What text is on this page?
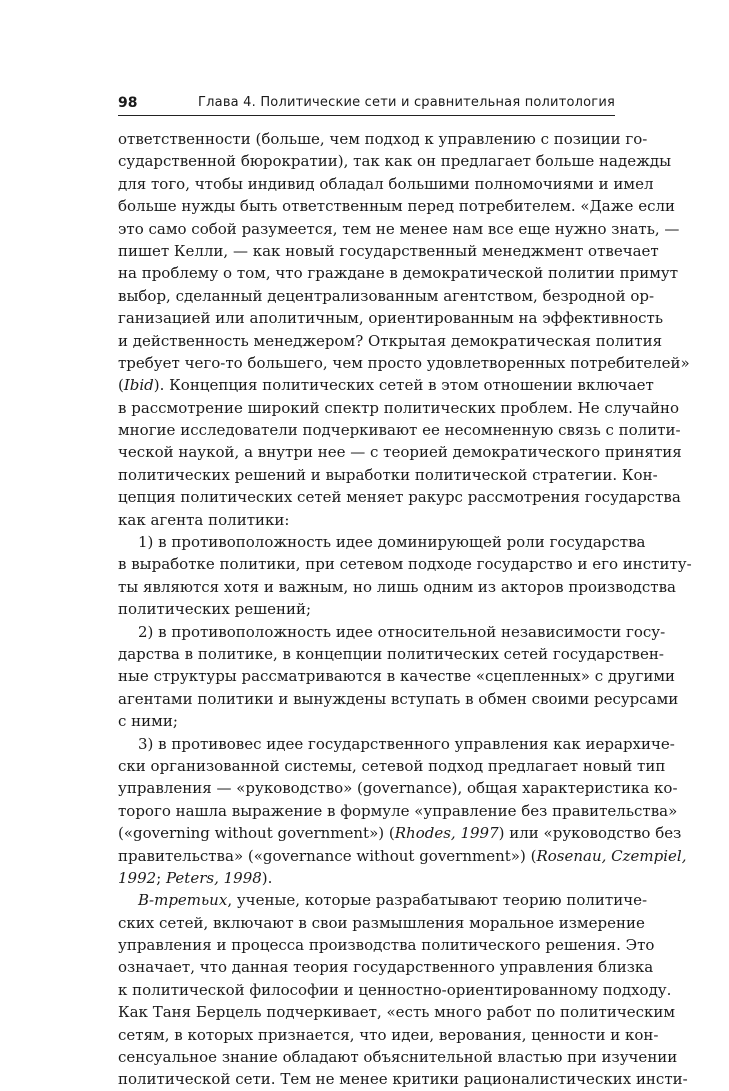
98	Глава 4. Политические сети и сравнительная политология
ответственности (больше, чем подход к управлению с позиции го-
сударственной бюрократии), так как он предлагает больше надежды
для того, чтобы индивид обладал большими полномочиями и имел
больше нужды быть ответственным перед потребителем. «Даже если
это само собой разумеется, тем не менее нам все еще нужно знать, —
пишет Келли, — как новый государственный менеджмент отвечает
на проблему о том, что граждане в демократической политии примут
выбор, сделанный децентрализованным агентством, безродной ор-
ганизацией или аполитичным, ориентированным на эффективность
и действенность менеджером? Открытая демократическая полития
требует чего-то большего, чем просто удовлетворенных потребителей»
(Ibid). Концепция политических сетей в этом отношении включает
в рассмотрение широкий спектр политических проблем. Не случайно
многие исследователи подчеркивают ее несомненную связь с полити-
ческой наукой, а внутри нее — с теорией демократического принятия
политических решений и выработки политической стратегии. Кон-
цепция политических сетей меняет ракурс рассмотрения государства
как агента политики:
1) в противоположность идее доминирующей роли государства
в выработке политики, при сетевом подходе государство и его институ-
ты являются хотя и важным, но лишь одним из акторов производства
политических решений;
2) в противоположность идее относительной независимости госу-
дарства в политике, в концепции политических сетей государствен-
ные структуры рассматриваются в качестве «сцепленных» с другими
агентами политики и вынуждены вступать в обмен своими ресурсами
с ними;
3) в противовес идее государственного управления как иерархиче-
ски организованной системы, сетевой подход предлагает новый тип
управления — «руководство» (governance), общая характеристика ко-
торого нашла выражение в формуле «управление без правительства»
(«governing without government») (Rhodes, 1997) или «руководство без
правительства» («governance without government») (Rosenau, Czempiel,
1992; Peters, 1998).
В-третьих, ученые, которые разрабатывают теорию политиче-
ских сетей, включают в свои размышления моральное измерение
управления и процесса производства политического решения. Это
означает, что данная теория государственного управления близка
к политической философии и ценностно-ориентированному подходу.
Как Таня Берцель подчеркивает, «есть много работ по политическим
сетям, в которых признается, что идеи, верования, ценности и кон-
сенсуальное знание обладают объяснительной властью при изучении
политической сети. Тем не менее критики рационалистических инсти-
